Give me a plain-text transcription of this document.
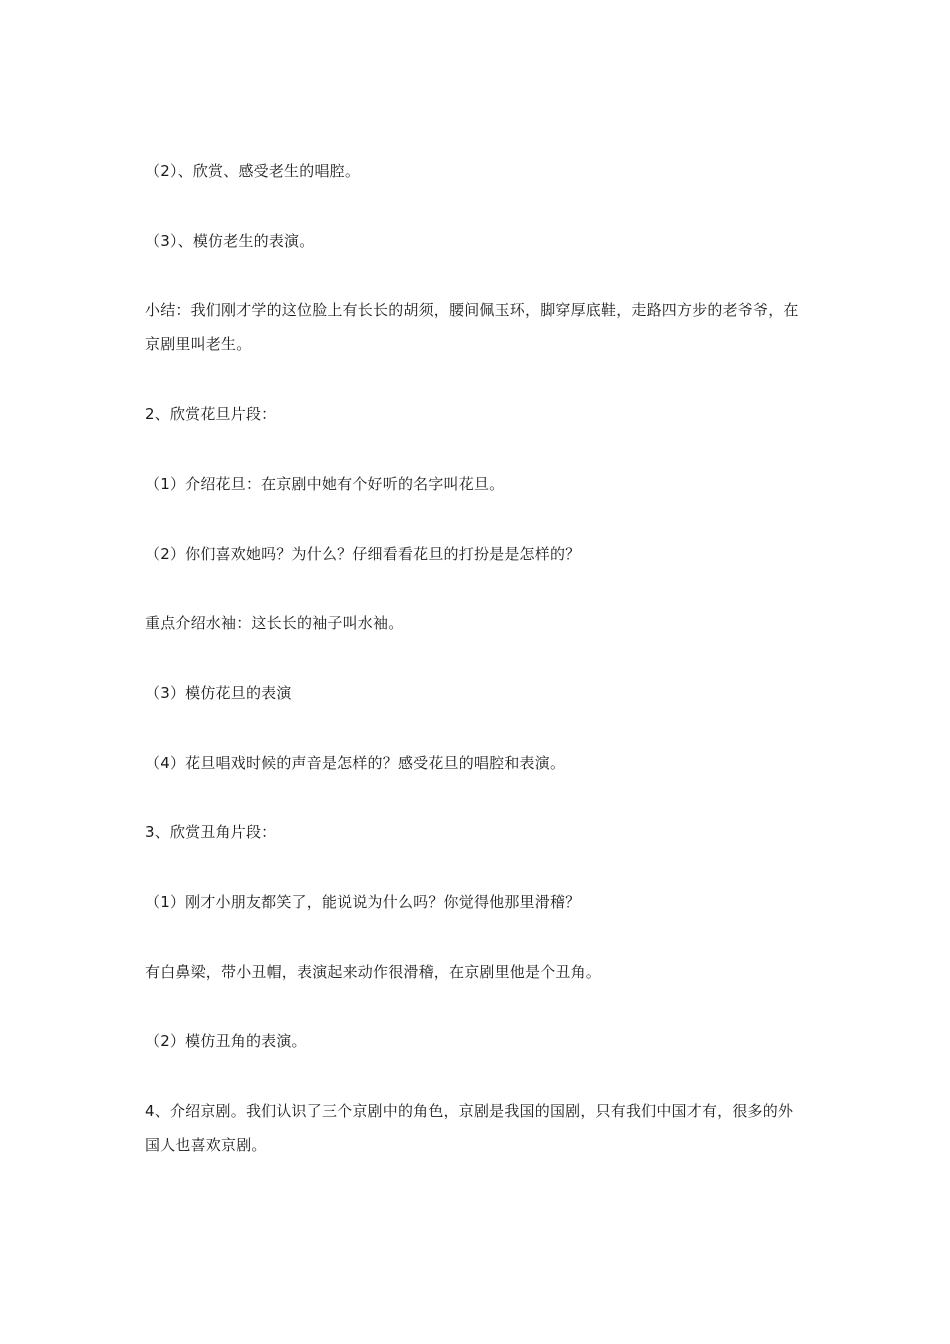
（2）、欣赏、感受老生的唱腔。

（3）、模仿老生的表演。

小结：我们刚才学的这位脸上有长长的胡须，腰间佩玉环，脚穿厚底鞋，走路四方步的老爷爷，在京剧里叫老生。

2、欣赏花旦片段：

（1）介绍花旦：在京剧中她有个好听的名字叫花旦。

（2）你们喜欢她吗？为什么？仔细看看花旦的打扮是是怎样的？

重点介绍水袖：这长长的袖子叫水袖。

（3）模仿花旦的表演

（4）花旦唱戏时候的声音是怎样的？感受花旦的唱腔和表演。

3、欣赏丑角片段：

（1）刚才小朋友都笑了，能说说为什么吗？你觉得他那里滑稽？

有白鼻梁，带小丑帽，表演起来动作很滑稽，在京剧里他是个丑角。

（2）模仿丑角的表演。

4、介绍京剧。我们认识了三个京剧中的角色，京剧是我国的国剧，只有我们中国才有，很多的外国人也喜欢京剧。
